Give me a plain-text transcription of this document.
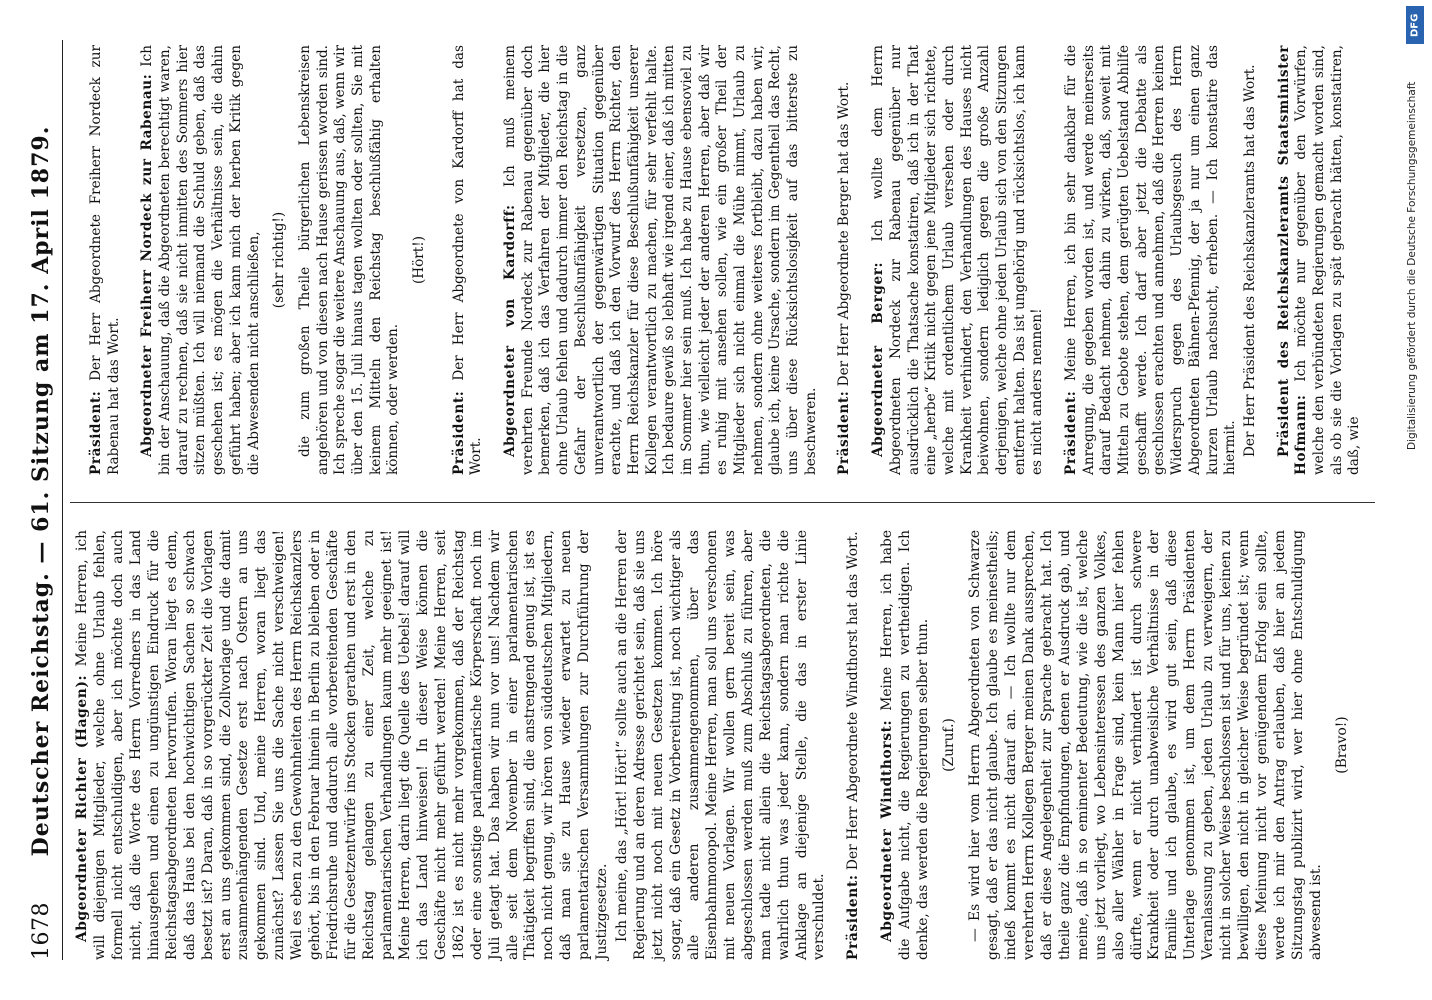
1678
Deutscher Reichstag. — 61. Sitzung am 17. April 1879. Abgeordneter Richter (Hagen): Meine Herren, ich will diejenigen Mitglieder, welche ohne Urlaub fehlen, formell nicht entschuldigen, aber ich möchte doch auch nicht, daß die Worte des Herrn Vorredners in das Land hinausgehen und einen zu ungünstigen Eindruck für die Reichstagsabgeordneten hervorrufen. Woran liegt es denn, daß das Haus bei den hochwichtigen Sachen so schwach besetzt ist? Daran, daß in so vorgerückter Zeit die Vorlagen erst an uns gekommen sind, die Zollvorlage und die damit zusammenhängenden Gesetze erst nach Ostern an uns gekommen sind. Und, meine Herren, woran liegt das zunächst? Lassen Sie uns die Sache nicht verschweigen! Weil es eben zu den Gewohnheiten des Herrn Reichskanzlers gehört, bis in den Februar hinein in Berlin zu bleiben oder in Friedrichsruhe und dadurch alle vorbereitenden Geschäfte für die Gesetzentwürfe ins Stocken gerathen und erst in den Reichstag gelangen zu einer Zeit, welche zu parlamentarischen Verhandlungen kaum mehr geeignet ist! Meine Herren, darin liegt die Quelle des Uebels! darauf will ich das Land hinweisen! In dieser Weise können die Geschäfte nicht mehr geführt werden! Meine Herren, seit 1862 ist es nicht mehr vorgekommen, daß der Reichstag oder eine sonstige parlamentarische Körperschaft noch im Juli getagt hat. Das haben wir nun vor uns! Nachdem wir alle seit dem November in einer parlamentarischen Thätigkeit begriffen sind, die anstrengend genug ist, ist es noch nicht genug, wir hören von süddeutschen Mitgliedern, daß man sie zu Hause wieder erwartet zu neuen parlamentarischen Versammlungen zur Durchführung der Justizgesetze. Ich meine, das „Hört! Hört!“ sollte auch an die Herren der Regierung und an deren Adresse gerichtet sein, daß sie uns jetzt nicht noch mit neuen Gesetzen kommen. Ich höre sogar, daß ein Gesetz in Vorbereitung ist, noch wichtiger als alle anderen zusammengenommen, über das Eisenbahnmonopol. Meine Herren, man soll uns verschonen mit neuen Vorlagen. Wir wollen gern bereit sein, was abgeschlossen werden muß zum Abschluß zu führen, aber man tadle nicht allein die Reichstagsabgeordneten, die wahrlich thun was jeder kann, sondern man richte die Anklage an diejenige Stelle, die das in erster Linie verschuldet. Präsident: Der Herr Abgeordnete Windthorst hat das Wort. Abgeordneter Windthorst: Meine Herren, ich habe die Aufgabe nicht, die Regierungen zu vertheidigen. Ich denke, das werden die Regierungen selber thun. (Zuruf.) — Es wird hier vom Herrn Abgeordneten von Schwarze gesagt, daß er das nicht glaube. Ich glaube es meinestheils; indeß kommt es nicht darauf an. — Ich wollte nur dem verehrten Herrn Kollegen Berger meinen Dank aussprechen, daß er diese Angelegenheit zur Sprache gebracht hat. Ich theile ganz die Empfindungen, denen er Ausdruck gab, und meine, daß in so eminenter Bedeutung, wie die ist, welche uns jetzt vorliegt, wo Lebensinteressen des ganzen Volkes, also aller Wähler in Frage sind, kein Mann hier fehlen dürfte, wenn er nicht verhindert ist durch schwere Krankheit oder durch unabweisliche Verhältnisse in der Familie und ich glaube, es wird gut sein, daß diese Unterlage genommen ist, um dem Herrn Präsidenten Veranlassung zu geben, jeden Urlaub zu verweigern, der nicht in solcher Weise beschlossen ist und für uns, keinen zu bewilligen, den nicht in gleicher Weise begründet ist; wenn diese Meinung nicht vor genügendem Erfolg sein sollte, werde ich mir den Antrag erlauben, daß hier an jedem Sitzungstag publizirt wird, wer hier ohne Entschuldigung abwesend ist.

(Bravo!)

Präsident: Der Herr Abgeordnete Freiherr Nordeck zur Rabenau hat das Wort. Abgeordneter Freiherr Nordeck zur Rabenau: Ich bin der Anschauung, daß die Abgeordneten berechtigt waren, darauf zu rechnen, daß sie nicht inmitten des Sommers hier sitzen müßten. Ich will niemand die Schuld geben, daß das geschehen ist; es mögen die Verhältnisse sein, die dahin geführt haben; aber ich kann mich der herben Kritik gegen die Abwesenden nicht anschließen, (sehr richtig!) die zum großen Theile bürgerlichen Lebenskreisen angehören und von diesen nach Hause gerissen worden sind. Ich spreche sogar die weitere Anschauung aus, daß, wenn wir über den 15. Juli hinaus tagen wollten oder sollten, Sie mit keinem Mitteln den Reichstag beschlußfähig erhalten können, oder werden.

(Hört!)

Präsident: Der Herr Abgeordnete von Kardorff hat das Wort. Abgeordneter von Kardorff: Ich muß meinem verehrten Freunde Nordeck zur Rabenau gegenüber doch bemerken, daß ich das Verfahren der Mitglieder, die hier ohne Urlaub fehlen und dadurch immer den Reichstag in die Gefahr der Beschlußunfähigkeit versetzen, ganz unverantwortlich der gegenwärtigen Situation gegenüber erachte, und daß ich den Vorwurf des Herrn Richter, den Herrn Reichskanzler für diese Beschlußunfähigkeit unserer Kollegen verantwortlich zu machen, für sehr verfehlt halte. Ich bedaure gewiß so lebhaft wie irgend einer, daß ich mitten im Sommer hier sein muß. Ich habe zu Hause ebensoviel zu thun, wie vielleicht jeder der anderen Herren, aber daß wir es ruhig mit ansehen sollen, wie ein großer Theil der Mitglieder sich nicht einmal die Mühe nimmt, Urlaub zu nehmen, sondern ohne weiteres fortbleibt, dazu haben wir, glaube ich, keine Ursache, sondern im Gegentheil das Recht, uns über diese Rücksichtslosigkeit auf das bitterste zu beschweren. Präsident: Der Herr Abgeordnete Berger hat das Wort. Abgeordneter Berger: Ich wollte dem Herrn Abgeordneten Nordeck zur Rabenau gegenüber nur ausdrücklich die Thatsache konstatiren, daß ich in der That eine „herbe“ Kritik nicht gegen jene Mitglieder sich richtete, welche mit ordentlichem Urlaub versehen oder durch Krankheit verhindert, den Verhandlungen des Hauses nicht beiwohnen, sondern lediglich gegen die große Anzahl derjenigen, welche ohne jeden Urlaub sich von den Sitzungen entfernt halten. Das ist ungehörig und rücksichtslos, ich kann es nicht anders nennen! Präsident: Meine Herren, ich bin sehr dankbar für die Anregung, die gegeben worden ist, und werde meinerseits darauf Bedacht nehmen, dahin zu wirken, daß, soweit mit Mitteln zu Gebote stehen, dem gerügten Uebelstand Abhilfe geschafft werde. Ich darf aber jetzt die Debatte als geschlossen erachten und annehmen, daß die Herren keinen Widerspruch gegen des Urlaubsgesuch des Herrn Abgeordneten Bähnen-Pfennig, der ja nur um einen ganz kurzen Urlaub nachsucht, erheben. — Ich konstatire das hiermit. Der Herr Präsident des Reichskanzleramts hat das Wort. Präsident des Reichskanzleramts Staatsminister Hofmann: Ich möchte nur gegenüber den Vorwürfen, welche den verbündeten Regierungen gemacht worden sind, als ob sie die Vorlagen zu spät gebracht hätten, konstatiren, daß, wie

DFG
Digitalisierung gefördert durch die Deutsche Forschungsgemeinschaft
